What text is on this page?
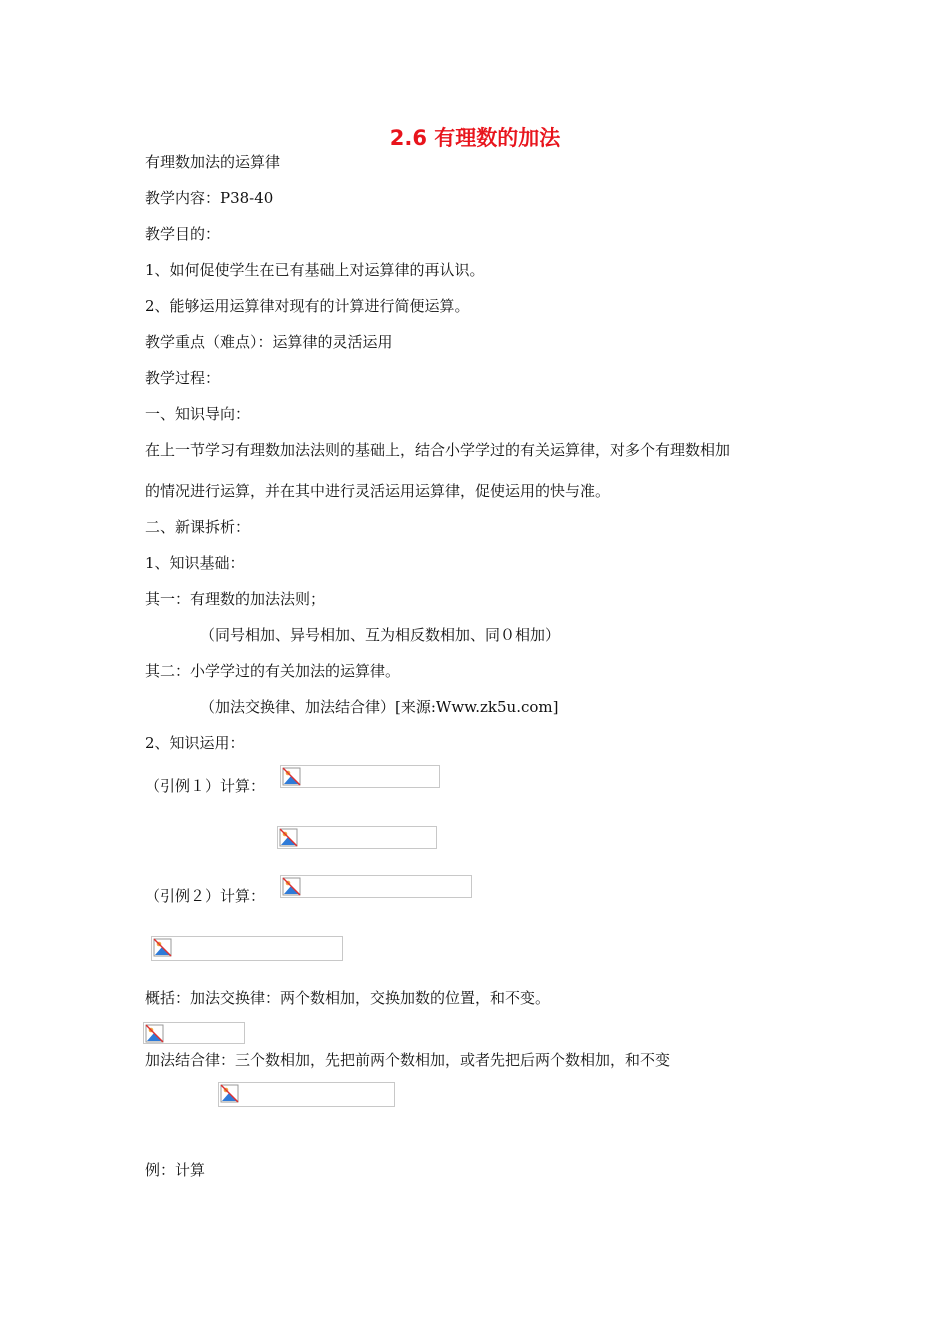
2.6 有理数的加法
有理数加法的运算律
教学内容：P38-40
教学目的：
1、如何促使学生在已有基础上对运算律的再认识。
2、能够运用运算律对现有的计算进行简便运算。
教学重点（难点）：运算律的灵活运用
教学过程：
一、知识导向：
在上一节学习有理数加法法则的基础上，结合小学学过的有关运算律，对多个有理数相加
的情况进行运算，并在其中进行灵活运用运算律，促使运用的快与准。
二、新课拆析：
1、知识基础：
其一：有理数的加法法则；
（同号相加、异号相加、互为相反数相加、同０相加）
其二：小学学过的有关加法的运算律。
（加法交换律、加法结合律）[来源:Www.zk5u.com]
2、知识运用：
（引例１）计算：
（引例２）计算：
概括：加法交换律：两个数相加，交换加数的位置，和不变。
加法结合律：三个数相加，先把前两个数相加，或者先把后两个数相加，和不变
例：计算
